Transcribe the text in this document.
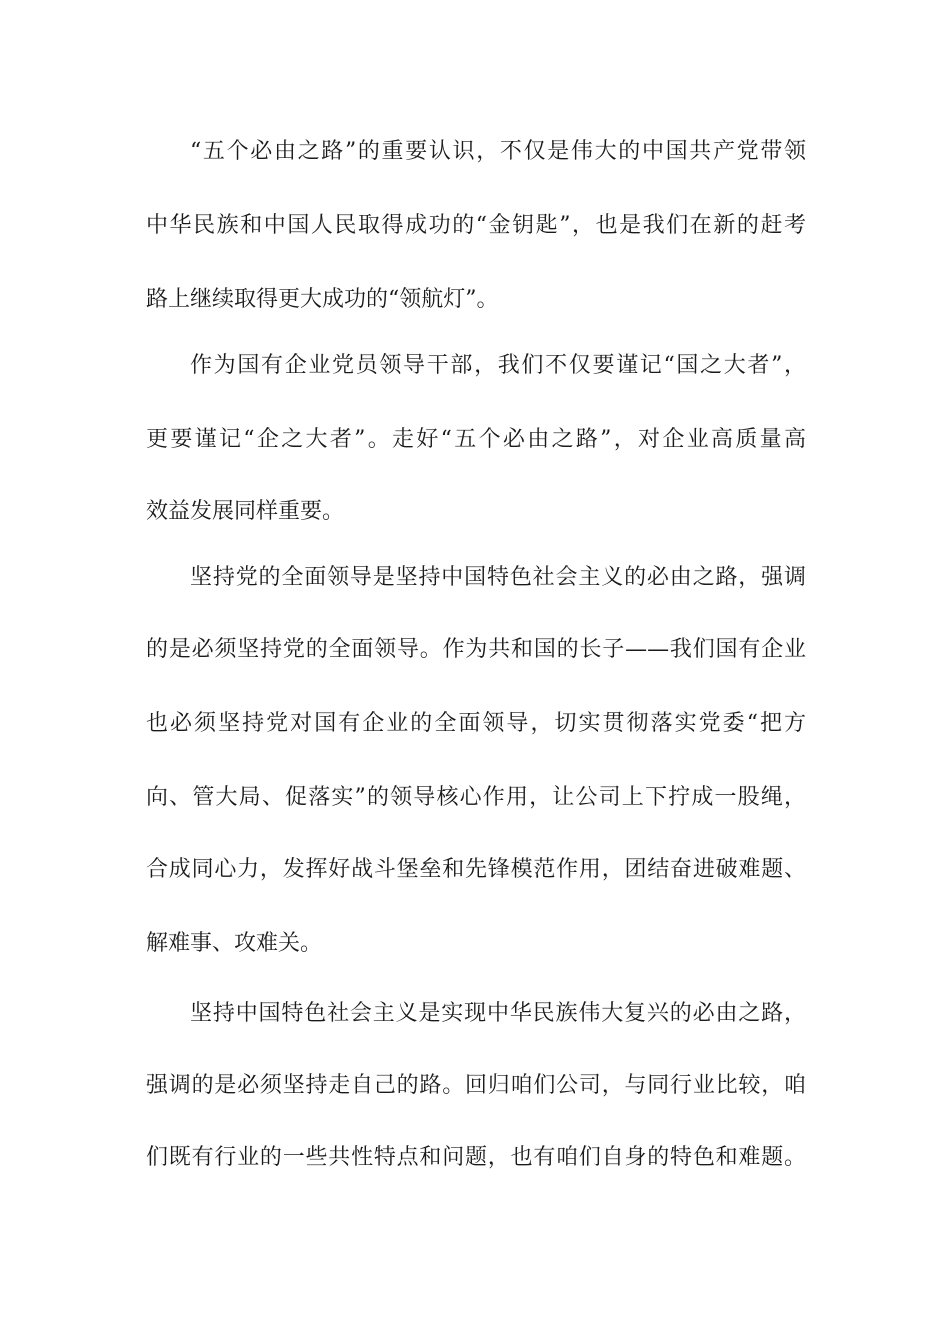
“五个必由之路”的重要认识，不仅是伟大的中国共产党带领
中华民族和中国人民取得成功的“金钥匙”，也是我们在新的赶考
路上继续取得更大成功的“领航灯”。
作为国有企业党员领导干部，我们不仅要谨记“国之大者”，
更要谨记“企之大者”。走好“五个必由之路”，对企业高质量高
效益发展同样重要。
坚持党的全面领导是坚持中国特色社会主义的必由之路，强调
的是必须坚持党的全面领导。作为共和国的长子——我们国有企业
也必须坚持党对国有企业的全面领导，切实贯彻落实党委“把方
向、管大局、促落实”的领导核心作用，让公司上下拧成一股绳，
合成同心力，发挥好战斗堡垒和先锋模范作用，团结奋进破难题、
解难事、攻难关。
坚持中国特色社会主义是实现中华民族伟大复兴的必由之路，
强调的是必须坚持走自己的路。回归咱们公司，与同行业比较，咱
们既有行业的一些共性特点和问题，也有咱们自身的特色和难题。
